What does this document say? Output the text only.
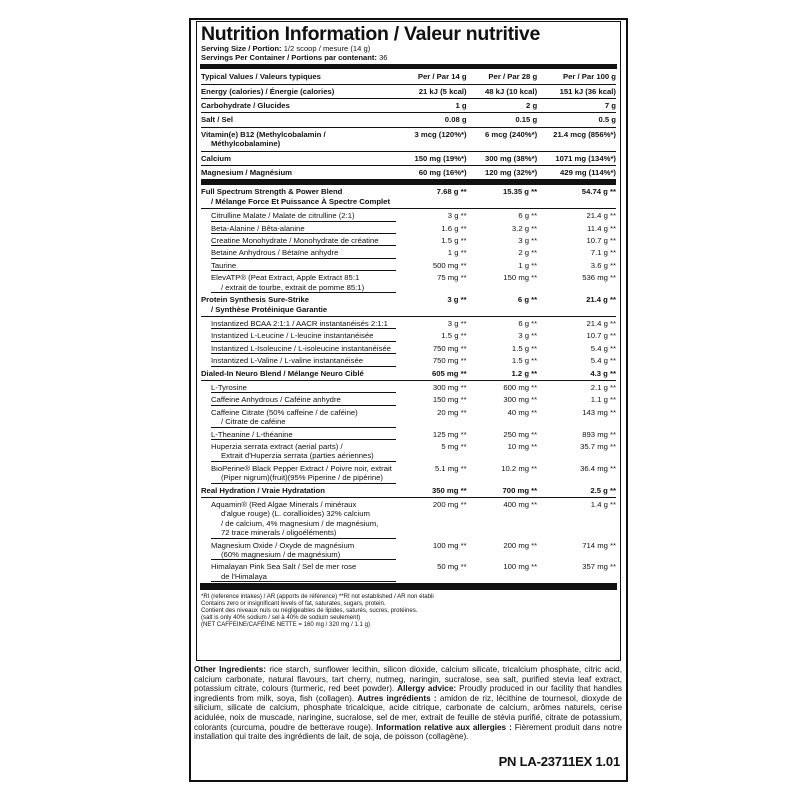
Nutrition Information / Valeur nutritive
Serving Size / Portion: 1/2 scoop / mesure (14 g)
Servings Per Container / Portions par contenant: 36
Typical Values / Valeurs typiques	Per / Par 14 g	Per / Par 28 g	Per / Par 100 g

Energy (calories) / Énergie (calories)	21 kJ (5 kcal)	48 kJ (10 kcal)	151 kJ (36 kcal)

Carbohydrate / Glucides	1 g	2 g	7 g

Salt / Sel	0.08 g	0.15 g	0.5 g

Vitamin(e) B12 (Methylcobalamin /
Méthylcobalamine)	3 mcg (120%*)	6 mcg (240%*)	21.4 mcg (856%*)

Calcium	150 mg (19%*)	300 mg (38%*)	1071 mg (134%*)

Magnesium / Magnésium	60 mg (16%*)	120 mg (32%*)	429 mg (114%*)

Full Spectrum Strength & Power Blend
/ Mélange Force Et Puissance À Spectre Complet	7.68 g **	15.35 g **	54.74 g **

Citrulline Malate / Malate de citrulline (2:1)	3 g **	6 g **	21.4 g **

Beta-Alanine / Bêta-alanine	1.6 g **	3.2 g **	11.4 g **

Creatine Monohydrate / Monohydrate de créatine	1.5 g **	3 g **	10.7 g **

Betaine Anhydrous / Bétaïne anhydre	1 g **	2 g **	7.1 g **

Taurine	500 mg **	1 g **	3.6 g **

ElevATP® (Peat Extract, Apple Extract 85:1
/ extrait de tourbe, extrait de pomme 85:1)	75 mg **	150 mg **	536 mg **

Protein Synthesis Sure-Strike
/ Synthèse Protéinique Garantie	3 g **	6 g **	21.4 g **

Instantized BCAA 2:1:1 / AACR instantanéisés 2:1:1	3 g **	6 g **	21.4 g **

Instantized L-Leucine / L-leucine instantanéisée	1.5 g **	3 g **	10.7 g **

Instantized L-Isoleucine / L-isoleucine instantanéisée	750 mg **	1.5 g **	5.4 g **

Instantized L-Valine / L-valine instantanéisée	750 mg **	1.5 g **	5.4 g **

Dialed-In Neuro Blend / Mélange Neuro Ciblé	605 mg **	1.2 g **	4.3 g **

L-Tyrosine	300 mg **	600 mg **	2.1 g **

Caffeine Anhydrous / Caféine anhydre	150 mg **	300 mg **	1.1 g **

Caffeine Citrate (50% caffeine / de caféine)
/ Citrate de caféine	20 mg **	40 mg **	143 mg **

L-Theanine / L-théanine	125 mg **	250 mg **	893 mg **

Huperzia serrata extract (aerial parts) /
Extrait d'Huperzia serrata (parties aériennes)	5 mg **	10 mg **	35.7 mg **

BioPerine® Black Pepper Extract / Poivre noir, extrait
(Piper nigrum)(fruit)(95% Piperine / de pipérine)	5.1 mg **	10.2 mg **	36.4 mg **

Real Hydration / Vraie Hydratation	350 mg **	700 mg **	2.5 g **

Aquamin® (Red Algae Minerals / minéraux
d'algue rouge) (L. corallioides) 32% calcium
/ de calcium, 4% magnesium / de magnésium,
72 trace minerals / oligoéléments)	200 mg **	400 mg **	1.4 g **

Magnesium Oxide / Oxyde de magnésium
(60% magnesium / de magnésium)	100 mg **	200 mg **	714 mg **

Himalayan Pink Sea Salt / Sel de mer rose
de l'Himalaya	50 mg **	100 mg **	357 mg **
*RI (reference intakes) / AR (apports de référence) **RI not established / AR non établi
Contains zero or insignificant levels of fat, saturates, sugars, protein.
Contient des niveaux nuls ou négligeables de lipides, saturés, sucres, protéines.
(salt is only 40% sodium / sel à 40% de sodium seulement)
(NET CAFFEINE/CAFÉINE NETTE = 160 mg / 320 mg / 1.1 g)
Other Ingredients: rice starch, sunflower lecithin, silicon dioxide, calcium silicate, tricalcium phosphate, citric acid, calcium carbonate, natural flavours, tart cherry, nutmeg, naringin, sucralose, sea salt, purified stevia leaf extract, potassium citrate, colours (turmeric, red beet powder). Allergy advice: Proudly produced in our facility that handles ingredients from milk, soya, fish (collagen). Autres ingrédients : amidon de riz, lécithine de tournesol, dioxyde de silicium, silicate de calcium, phosphate tricalcique, acide citrique, carbonate de calcium, arômes naturels, cerise acidulée, noix de muscade, naringine, sucralose, sel de mer, extrait de feuille de stévia purifié, citrate de potassium, colorants (curcuma, poudre de betterave rouge). Information relative aux allergies : Fièrement produit dans notre installation qui traite des ingrédients de lait, de soja, de poisson (collagène).
PN LA-23711EX 1.01
